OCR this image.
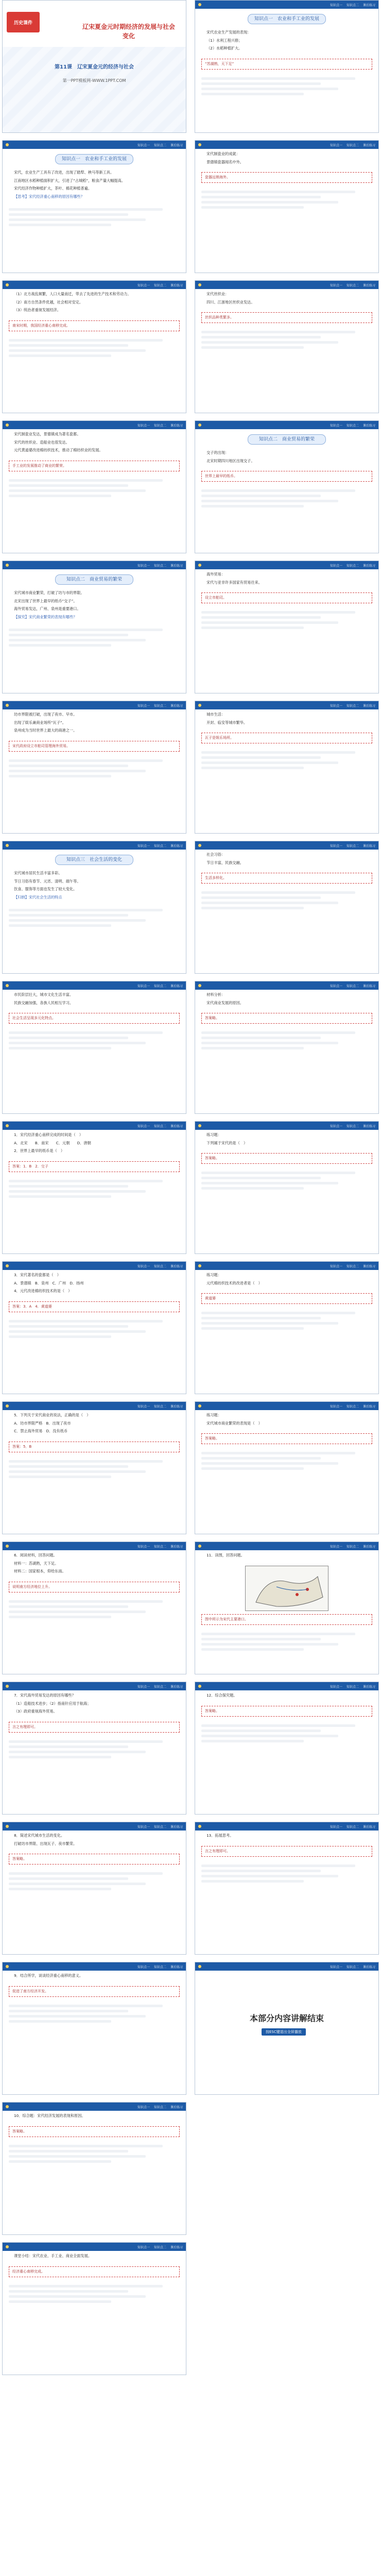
历史课件
辽宋夏金元时期经济的发展与社会变化
第11课　辽宋夏金元的经济与社会
第一PPT模板网-WWW.1PPT.COM
知识点一 知识点二 课后练习
知识点一　农业和手工业的发展

宋代，农业生产工具有了改进，出现了踏犁、秧马等新工具。

江南地区水稻种植面积扩大，引进了“占城稻”，粮食产量大幅提高。

宋代经济作物种植扩大，茶叶、棉花种植普遍。

【思考】宋代经济重心南移的原因有哪些？

知识点一 知识点二 课后练习

（1）北方战乱频繁，人口大量南迁，带去了先进的生产技术和劳动力。

（2）南方自然条件优越，社会相对安定。

（3）统治者重视发展经济。

南宋时期，我国经济重心南移完成。
知识点一 知识点二 课后练习

宋代制瓷业发达，景德镇成为著名瓷都。

宋代的丝织业、造船业也很发达。

元代黄道婆改进棉纺织技术，推动了棉纺织业的发展。

手工业的发展推动了商业的繁荣。
知识点一 知识点二 课后练习
知识点二　商业贸易的繁荣

宋代城市商业繁荣，打破了坊与市的界限。

北宋出现了世界上最早的纸币“交子”。

海外贸易发达，广州、泉州是重要港口。

【探究】宋代商业繁荣的表现有哪些？

知识点一 知识点二 课后练习

坊市界限被打破，出现了夜市、早市。

出现了娱乐兼商业场所“瓦子”。

泉州成为当时世界上最大的商港之一。

宋代政府设立市舶司管理海外贸易。
知识点一 知识点二 课后练习
知识点三　社会生活的变化

宋代城市居民生活丰富多彩。

节日习俗有春节、元宵、清明、端午等。

饮食、服饰等方面也发生了较大变化。

【归纳】宋代社会生活的特点

知识点一 知识点二 课后练习

市民阶层壮大，城市文化生活丰富。

民族交融加强，各族人民相互学习。

社会生活呈现多元化特点。
知识点一 知识点二 课后练习

1．宋代经济重心南移完成的时间是（　）

A．北宋　　B．南宋　　C．元朝　　D．唐朝

2．世界上最早的纸币是（　）

答案：1．B　2．交子
知识点一 知识点二 课后练习

3．宋代著名的瓷都是（　）

A．景德镇　B．泉州　C．广州　D．扬州

4．元代改进棉纺织技术的是（　）

答案：3．A　4．黄道婆
知识点一 知识点二 课后练习

5．下列关于宋代商业的说法，正确的是（　）

A．坊市界限严格　B．出现了夜市

C．禁止海外贸易　D．没有纸币

答案：5．B
知识点一 知识点二 课后练习

6．阅读材料，回答问题。

材料一：苏湖熟，天下足。

材料二：国家根本，仰给东南。

说明南方经济地位上升。
知识点一 知识点二 课后练习

7．宋代海外贸易发达的原因有哪些？

（1）造船技术进步；（2）指南针应用于航海；

（3）政府重视海外贸易。

言之有理即可。
知识点一 知识点二 课后练习

8．简述宋代城市生活的变化。

打破坊市界限、出现瓦子、夜市繁荣。

答案略。
知识点一 知识点二 课后练习

9．结合所学，谈谈经济重心南移的意义。

促进了南方经济开发。
知识点一 知识点二 课后练习

10．综合题：宋代经济发展的表现和原因。

答案略。
知识点一 知识点二 课后练习

课堂小结：宋代农业、手工业、商业全面发展。

经济重心南移完成。
知识点一 知识点二 课后练习
知识点一　农业和手工业的发展

宋代农业生产发展的表现：

（1）水利工程兴修；

（2）水稻种植扩大。

“苏湖熟，天下足”
知识点一 知识点二 课后练习

宋代制瓷业的成就：

景德镇瓷器闻名中外。

瓷器远销海外。
知识点一 知识点二 课后练习

宋代丝织业：

四川、江浙地区丝织业发达。

丝织品种类繁多。
知识点一 知识点二 课后练习
知识点二　商业贸易的繁荣

交子的出现：

北宋时期四川地区出现交子。

世界上最早的纸币。
知识点一 知识点二 课后练习

海外贸易：

宋代与亚非许多国家有贸易往来。

设立市舶司。
知识点一 知识点二 课后练习

城市生活：

开封、临安等城市繁华。

瓦子是娱乐场所。
知识点一 知识点二 课后练习

社会习俗：

节日丰富，民族交融。

生活多样化。
知识点一 知识点二 课后练习

材料分析：

宋代商业发展的原因。

答案略。
知识点一 知识点二 课后练习

练习题：

下列属于宋代的是（　）

答案略。
知识点一 知识点二 课后练习

练习题：

元代棉纺织技术的改进者是（　）

黄道婆
知识点一 知识点二 课后练习

练习题：

宋代城市商业繁荣的表现是（　）

答案略。
知识点一 知识点二 课后练习

11．读图，回答问题。

图中所示为宋代主要港口。
知识点一 知识点二 课后练习

12．综合探究题。

答案略。
知识点一 知识点二 课后练习

13．拓展思考。

言之有理即可。
知识点一 知识点二 课后练习
本部分内容讲解结束
按ESC键退出全屏播放
